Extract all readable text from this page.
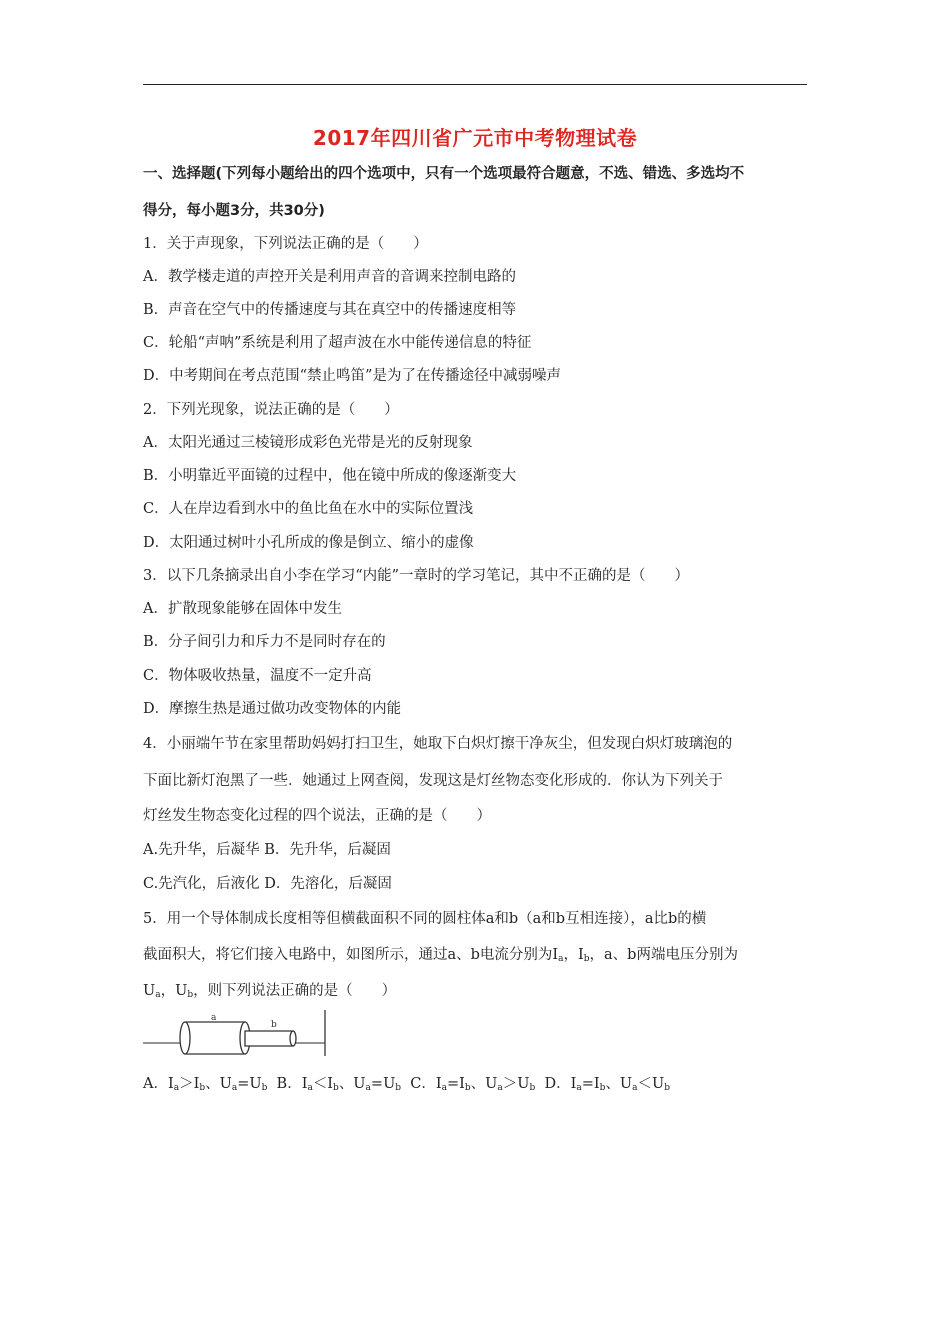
2017年四川省广元市中考物理试卷
一、选择题(下列每小题给出的四个选项中，只有一个选项最符合题意，不选、错选、多选均不
得分，每小题3分，共30分)
1．关于声现象，下列说法正确的是（　　）
A．教学楼走道的声控开关是利用声音的音调来控制电路的
B．声音在空气中的传播速度与其在真空中的传播速度相等
C．轮船“声呐”系统是利用了超声波在水中能传递信息的特征
D．中考期间在考点范围“禁止鸣笛”是为了在传播途径中减弱噪声
2．下列光现象，说法正确的是（　　）
A．太阳光通过三棱镜形成彩色光带是光的反射现象
B．小明靠近平面镜的过程中，他在镜中所成的像逐渐变大
C．人在岸边看到水中的鱼比鱼在水中的实际位置浅
D．太阳通过树叶小孔所成的像是倒立、缩小的虚像
3．以下几条摘录出自小李在学习“内能”一章时的学习笔记，其中不正确的是（　　）
A．扩散现象能够在固体中发生
B．分子间引力和斥力不是同时存在的
C．物体吸收热量，温度不一定升高
D．摩擦生热是通过做功改变物体的内能
4．小丽端午节在家里帮助妈妈打扫卫生，她取下白炽灯擦干净灰尘，但发现白炽灯玻璃泡的
下面比新灯泡黑了一些．她通过上网查阅，发现这是灯丝物态变化形成的．你认为下列关于
灯丝发生物态变化过程的四个说法，正确的是（　　）
A.先升华，后凝华 B．先升华，后凝固
C.先汽化，后液化 D．先溶化，后凝固
5．用一个导体制成长度相等但横截面积不同的圆柱体a和b（a和b互相连接），a比b的横
截面积大，将它们接入电路中，如图所示，通过a、b电流分别为$I_a$，$I_b$，a、b两端电压分别为
$U_a$，$U_b$，则下列说法正确的是（　　）
a
b
A．$I_a>I_b$、$U_a=U_b$ B．$I_a<I_b$、$U_a=U_b$ C．$I_a=I_b$、$U_a>U_b$ D．$I_a=I_b$、$U_a<U_b$
